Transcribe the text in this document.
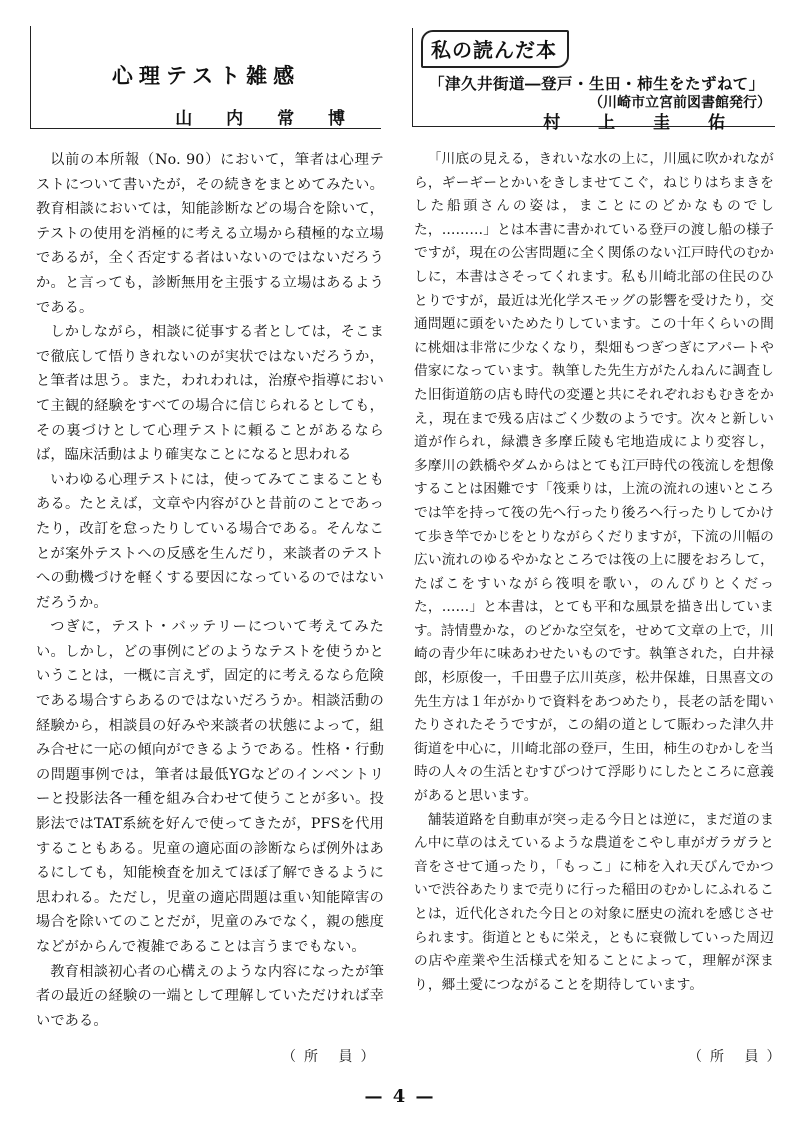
心理テスト雑感
山 内 常 博
私の読んだ本
「津久井街道―登戸・生田・柿生をたずねて」
（川崎市立宮前図書館発行）
村 上 圭 佑

以前の本所報（No. 90）において，筆者は心理テストについて書いたが，その続きをまとめてみたい。教育相談においては，知能診断などの場合を除いて，テストの使用を消極的に考える立場から積極的な立場であるが，全く否定する者はいないのではないだろうか。と言っても，診断無用を主張する立場はあるようである。

しかしながら，相談に従事する者としては，そこまで徹底して悟りきれないのが実状ではないだろうか，と筆者は思う。また，われわれは，治療や指導において主観的経験をすべての場合に信じられるとしても，その裏づけとして心理テストに頼ることがあるならば，臨床活動はより確実なことになると思われる

いわゆる心理テストには，使ってみてこまることもある。たとえば，文章や内容がひと昔前のことであったり，改訂を怠ったりしている場合である。そんなことが案外テストへの反感を生んだり，来談者のテストへの動機づけを軽くする要因になっているのではないだろうか。

つぎに，テスト・バッテリーについて考えてみたい。しかし，どの事例にどのようなテストを使うかということは，一概に言えず，固定的に考えるなら危険である場合すらあるのではないだろうか。相談活動の経験から，相談員の好みや来談者の状態によって，組み合せに一応の傾向ができるようである。性格・行動の問題事例では，筆者は最低YGなどのインベントリーと投影法各一種を組み合わせて使うことが多い。投影法ではTAT系統を好んで使ってきたが，PFSを代用することもある。児童の適応面の診断ならば例外はあるにしても，知能検査を加えてほぼ了解できるように思われる。ただし，児童の適応問題は重い知能障害の場合を除いてのことだが，児童のみでなく，親の態度などがからんで複雑であることは言うまでもない。

教育相談初心者の心構えのような内容になったが筆者の最近の経験の一端として理解していただければ幸いである。

（所 員）

「川底の見える，きれいな水の上に，川風に吹かれながら，ギーギーとかいをきしませてこぐ，ねじりはちまきをした船頭さんの姿は，まことにのどかなものでした，………」とは本書に書かれている登戸の渡し船の様子ですが，現在の公害問題に全く関係のない江戸時代のむかしに，本書はさそってくれます。私も川崎北部の住民のひとりですが，最近は光化学スモッグの影響を受けたり，交通問題に頭をいためたりしています。この十年くらいの間に桃畑は非常に少なくなり，梨畑もつぎつぎにアパートや借家になっています。執筆した先生方がたんねんに調査した旧街道筋の店も時代の変遷と共にそれぞれおもむきをかえ，現在まで残る店はごく少数のようです。次々と新しい道が作られ，緑濃き多摩丘陵も宅地造成により変容し，多摩川の鉄橋やダムからはとても江戸時代の筏流しを想像することは困難です「筏乗りは，上流の流れの速いところでは竿を持って筏の先へ行ったり後ろへ行ったりしてかけて歩き竿でかじをとりながらくだりますが，下流の川幅の広い流れのゆるやかなところでは筏の上に腰をおろして，たばこをすいながら筏唄を歌い，のんびりとくだった，……」と本書は，とても平和な風景を描き出しています。詩情豊かな，のどかな空気を，せめて文章の上で，川崎の青少年に味あわせたいものです。執筆された，白井禄郎，杉原俊一，千田豊子広川英彦，松井保雄，日黒喜文の先生方は１年がかりで資料をあつめたり，長老の話を聞いたりされたそうですが，この絹の道として賑わった津久井街道を中心に，川崎北部の登戸，生田，柿生のむかしを当時の人々の生活とむすびつけて浮彫りにしたところに意義があると思います。

舗装道路を自動車が突っ走る今日とは逆に，まだ道のまん中に草のはえているような農道をこやし車がガラガラと音をさせて通ったり，「もっこ」に柿を入れ天びんでかついで渋谷あたりまで売りに行った稲田のむかしにふれることは，近代化された今日との対象に歴史の流れを感じさせられます。街道とともに栄え，ともに衰微していった周辺の店や産業や生活様式を知ることによって，理解が深まり，郷土愛につながることを期待しています。

（所 員）
— 4 —
